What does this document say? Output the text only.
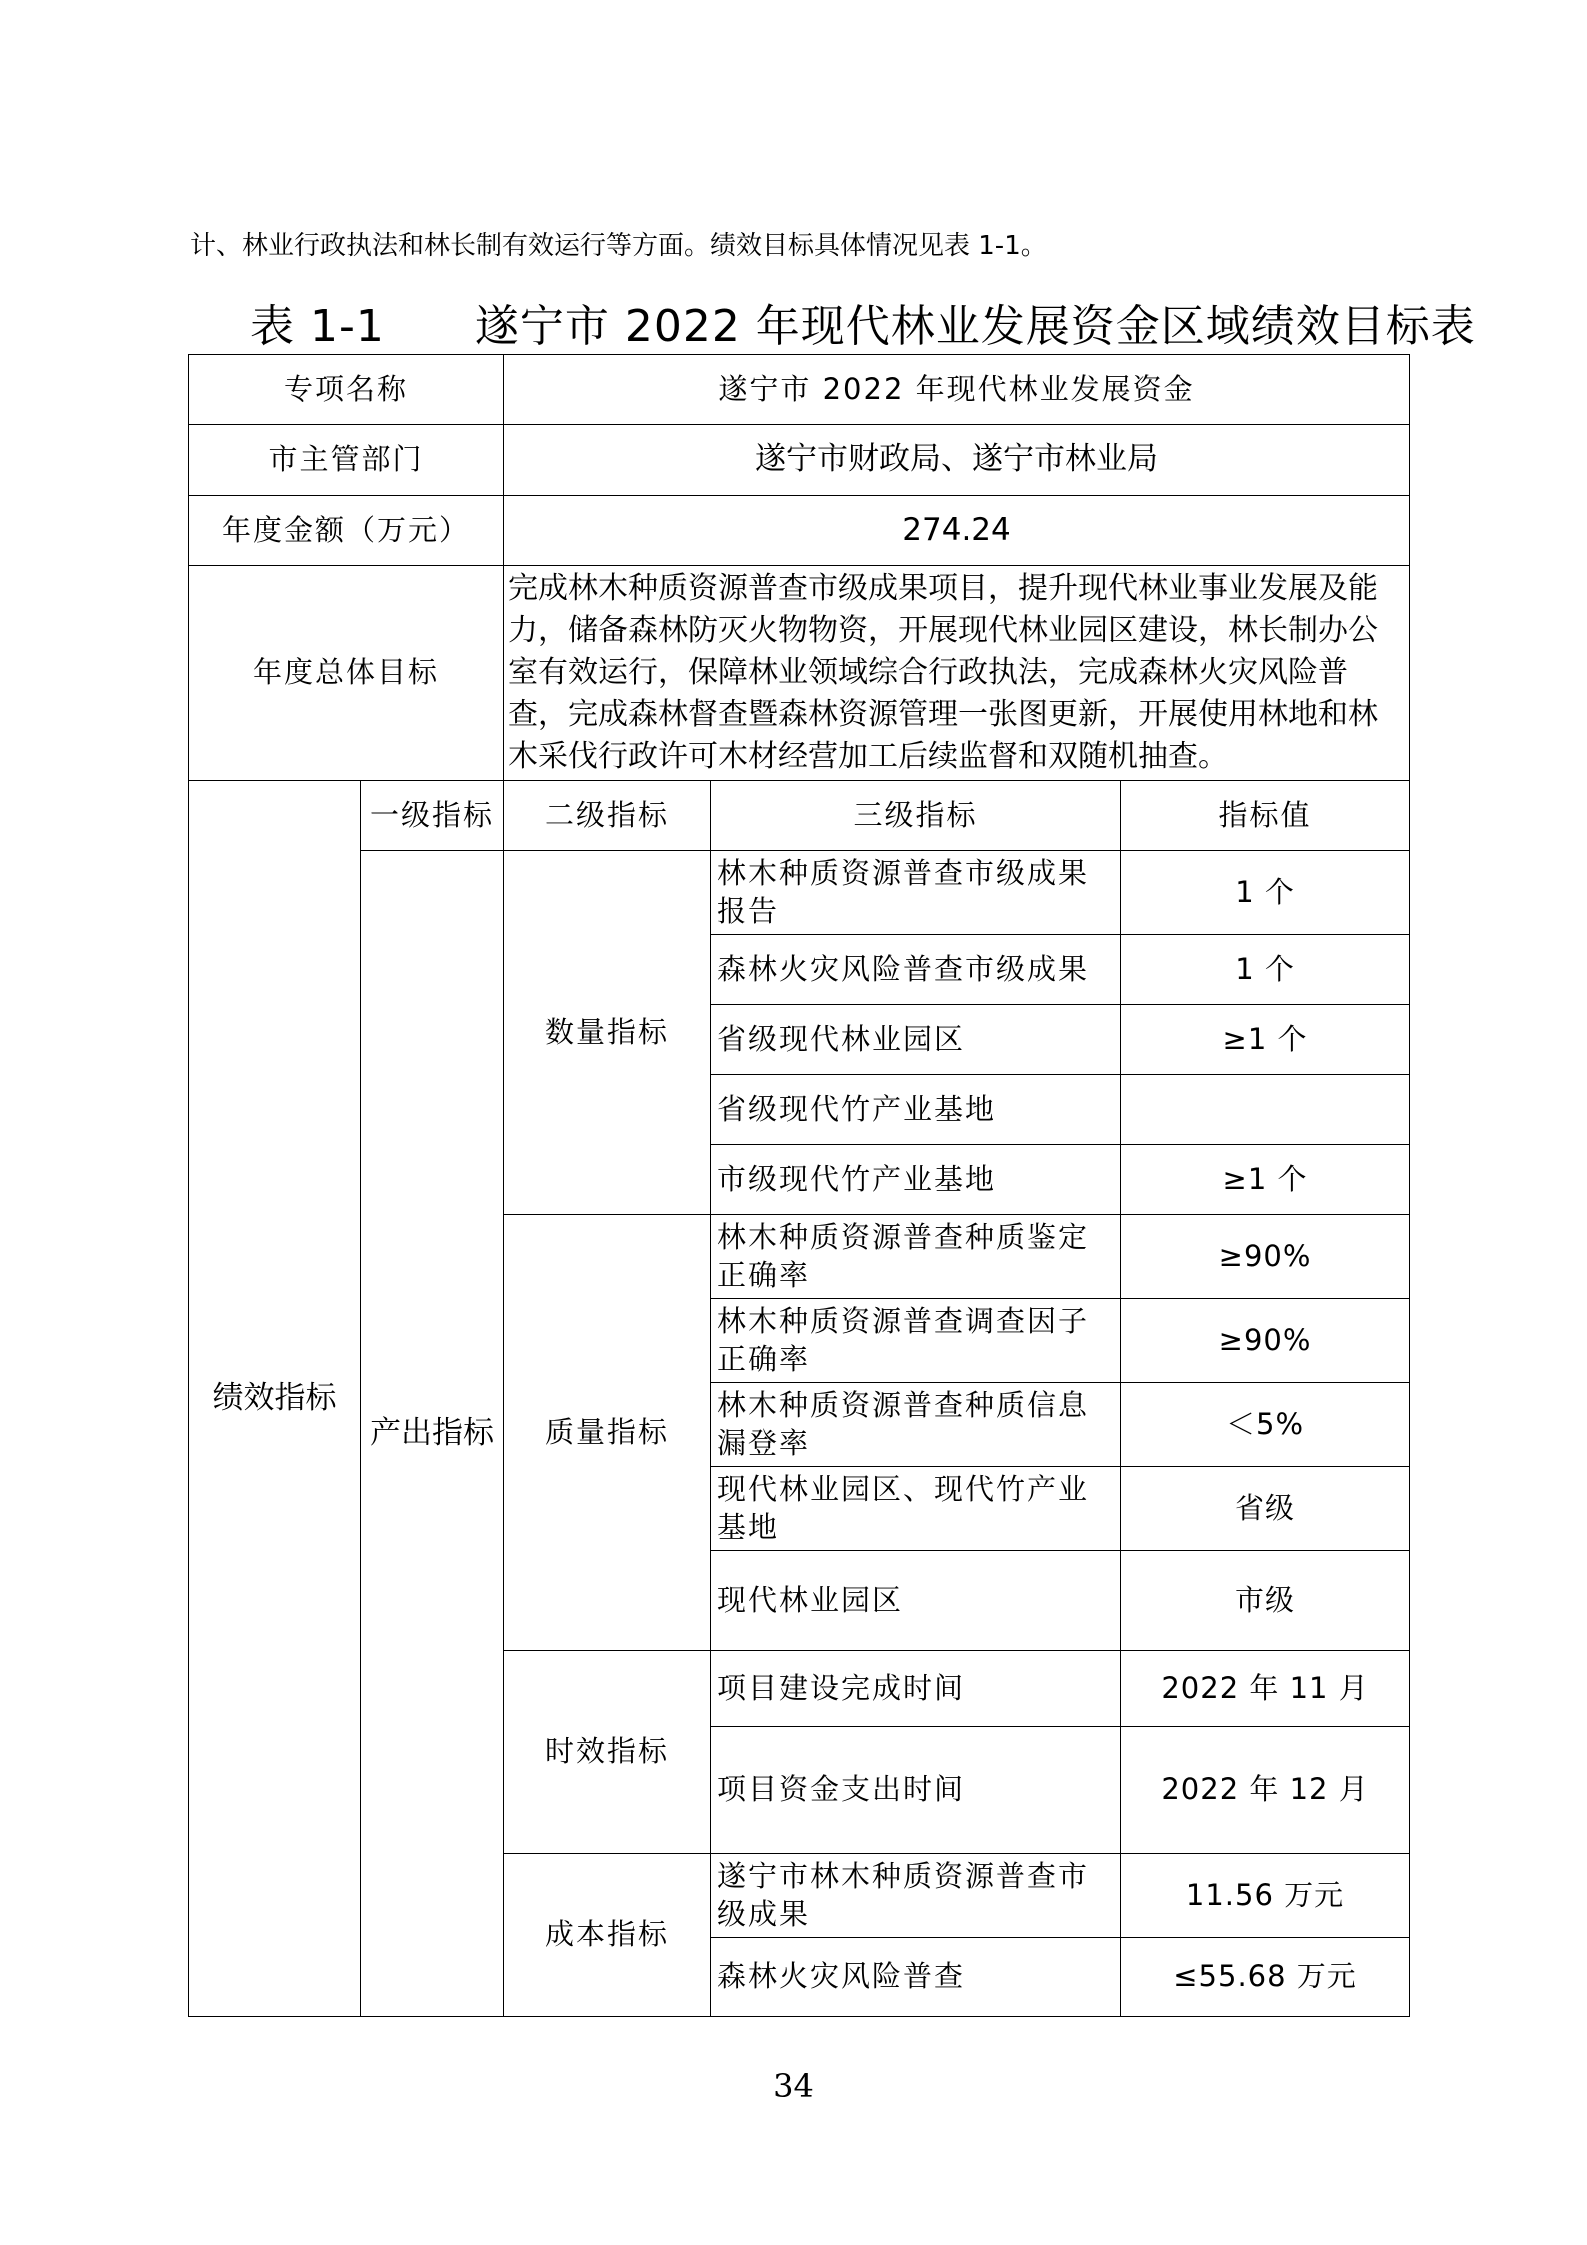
计、林业行政执法和林长制有效运行等方面。绩效目标具体情况见表 1-1。
表 1-1 遂宁市 2022 年现代林业发展资金区域绩效目标表
专项名称		遂宁市 2022 年现代林业发展资金		
市主管部门		遂宁市财政局、遂宁市林业局		
年度金额（万元）		274.24		
年度总体目标		完成林木种质资源普查市级成果项目，提升现代林业事业发展及能力，储备森林防灭火物物资，开展现代林业园区建设，林长制办公室有效运行，保障林业领域综合行政执法，完成森林火灾风险普查，完成森林督查暨森林资源管理一张图更新，开展使用林地和林木采伐行政许可木材经营加工后续监督和双随机抽查。		
绩效指标	一级指标	二级指标	三级指标	指标值
	产出指标	数量指标	林木种质资源普查市级成果报告	1 个
			森林火灾风险普查市级成果	1 个
			省级现代林业园区	≥1 个
			省级现代竹产业基地	
			市级现代竹产业基地	≥1 个
		质量指标	林木种质资源普查种质鉴定正确率	≥90%
			林木种质资源普查调查因子正确率	≥90%
			林木种质资源普查种质信息漏登率	＜5%
			现代林业园区、现代竹产业基地	省级
			现代林业园区	市级
		时效指标	项目建设完成时间	2022 年 11 月
			项目资金支出时间	2022 年 12 月
		成本指标	遂宁市林木种质资源普查市级成果	11.56 万元
			森林火灾风险普查	≤55.68 万元
34
